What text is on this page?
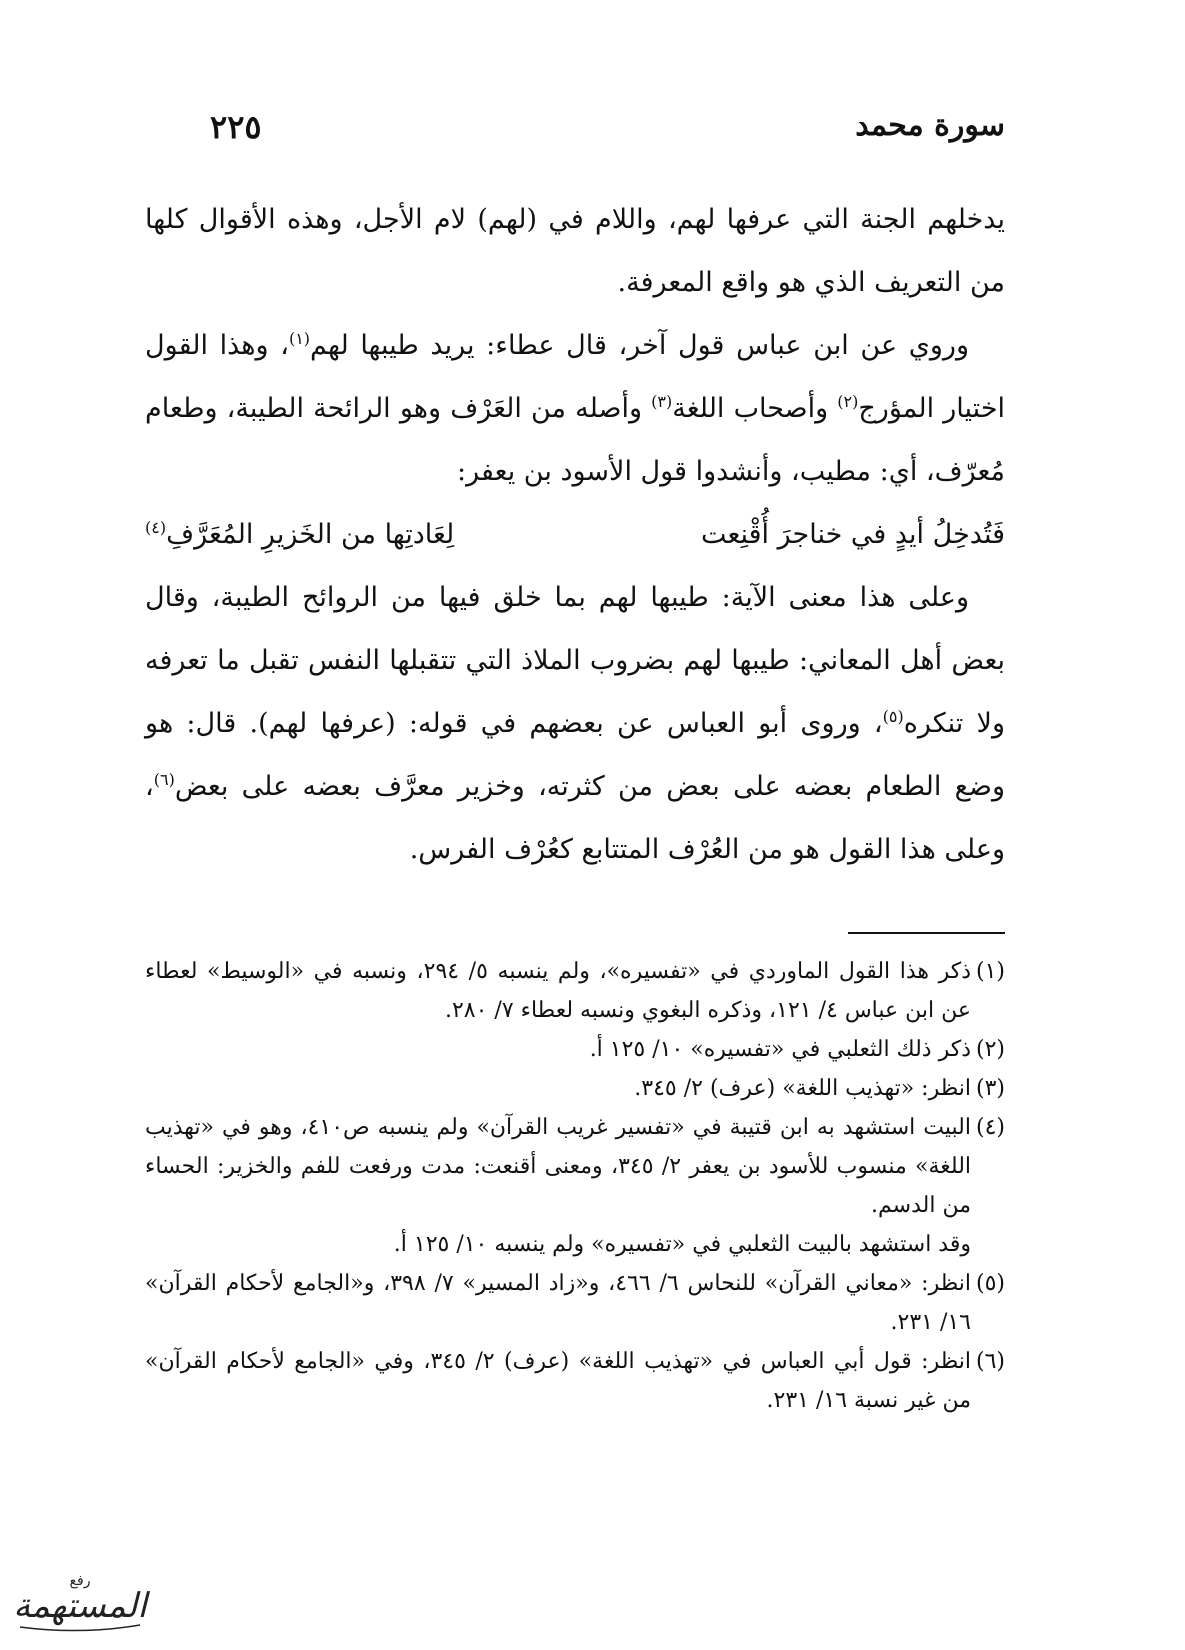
سورة محمد
٢٢٥

يدخلهم الجنة التي عرفها لهم، واللام في (لهم) لام الأجل، وهذه الأقوال كلها من التعريف الذي هو واقع المعرفة.

وروي عن ابن عباس قول آخر، قال عطاء: يريد طيبها لهم$^{(١)}$، وهذا القول اختيار المؤرج$^{(٢)}$ وأصحاب اللغة$^{(٣)}$ وأصله من العَرْف وهو الرائحة الطيبة، وطعام مُعرّف، أي: مطيب، وأنشدوا قول الأسود بن يعفر:

فَتُدخِلُ أيدٍ في خناجرَ أُقْنِعت
لِعَادتِها من الخَزيرِ المُعَرَّفِ$^{(٤)}$

وعلى هذا معنى الآية: طيبها لهم بما خلق فيها من الروائح الطيبة، وقال بعض أهل المعاني: طيبها لهم بضروب الملاذ التي تتقبلها النفس تقبل ما تعرفه ولا تنكره$^{(٥)}$، وروى أبو العباس عن بعضهم في قوله: (عرفها لهم). قال: هو وضع الطعام بعضه على بعض من كثرته، وخزير معرَّف بعضه على بعض$^{(٦)}$، وعلى هذا القول هو من العُرْف المتتابع كعُرْف الفرس.

(١)
ذكر هذا القول الماوردي في «تفسيره»، ولم ينسبه ٥/ ٢٩٤، ونسبه في «الوسيط» لعطاء عن ابن عباس ٤/ ١٢١، وذكره البغوي ونسبه لعطاء ٧/ ٢٨٠.
(٢)
ذكر ذلك الثعلبي في «تفسيره» ١٠/ ١٢٥ أ.
(٣)
انظر: «تهذيب اللغة» (عرف) ٢/ ٣٤٥.
(٤)
البيت استشهد به ابن قتيبة في «تفسير غريب القرآن» ولم ينسبه ص٤١٠، وهو في «تهذيب اللغة» منسوب للأسود بن يعفر ٢/ ٣٤٥، ومعنى أقنعت: مدت ورفعت للفم والخزير: الحساء من الدسم.
وقد استشهد بالبيت الثعلبي في «تفسيره» ولم ينسبه ١٠/ ١٢٥ أ.
(٥)
انظر: «معاني القرآن» للنحاس ٦/ ٤٦٦، و«زاد المسير» ٧/ ٣٩٨، و«الجامع لأحكام القرآن» ١٦/ ٢٣١.
(٦)
انظر: قول أبي العباس في «تهذيب اللغة» (عرف) ٢/ ٣٤٥، وفي «الجامع لأحكام القرآن» من غير نسبة ١٦/ ٢٣١.
رفع
المستهمة
